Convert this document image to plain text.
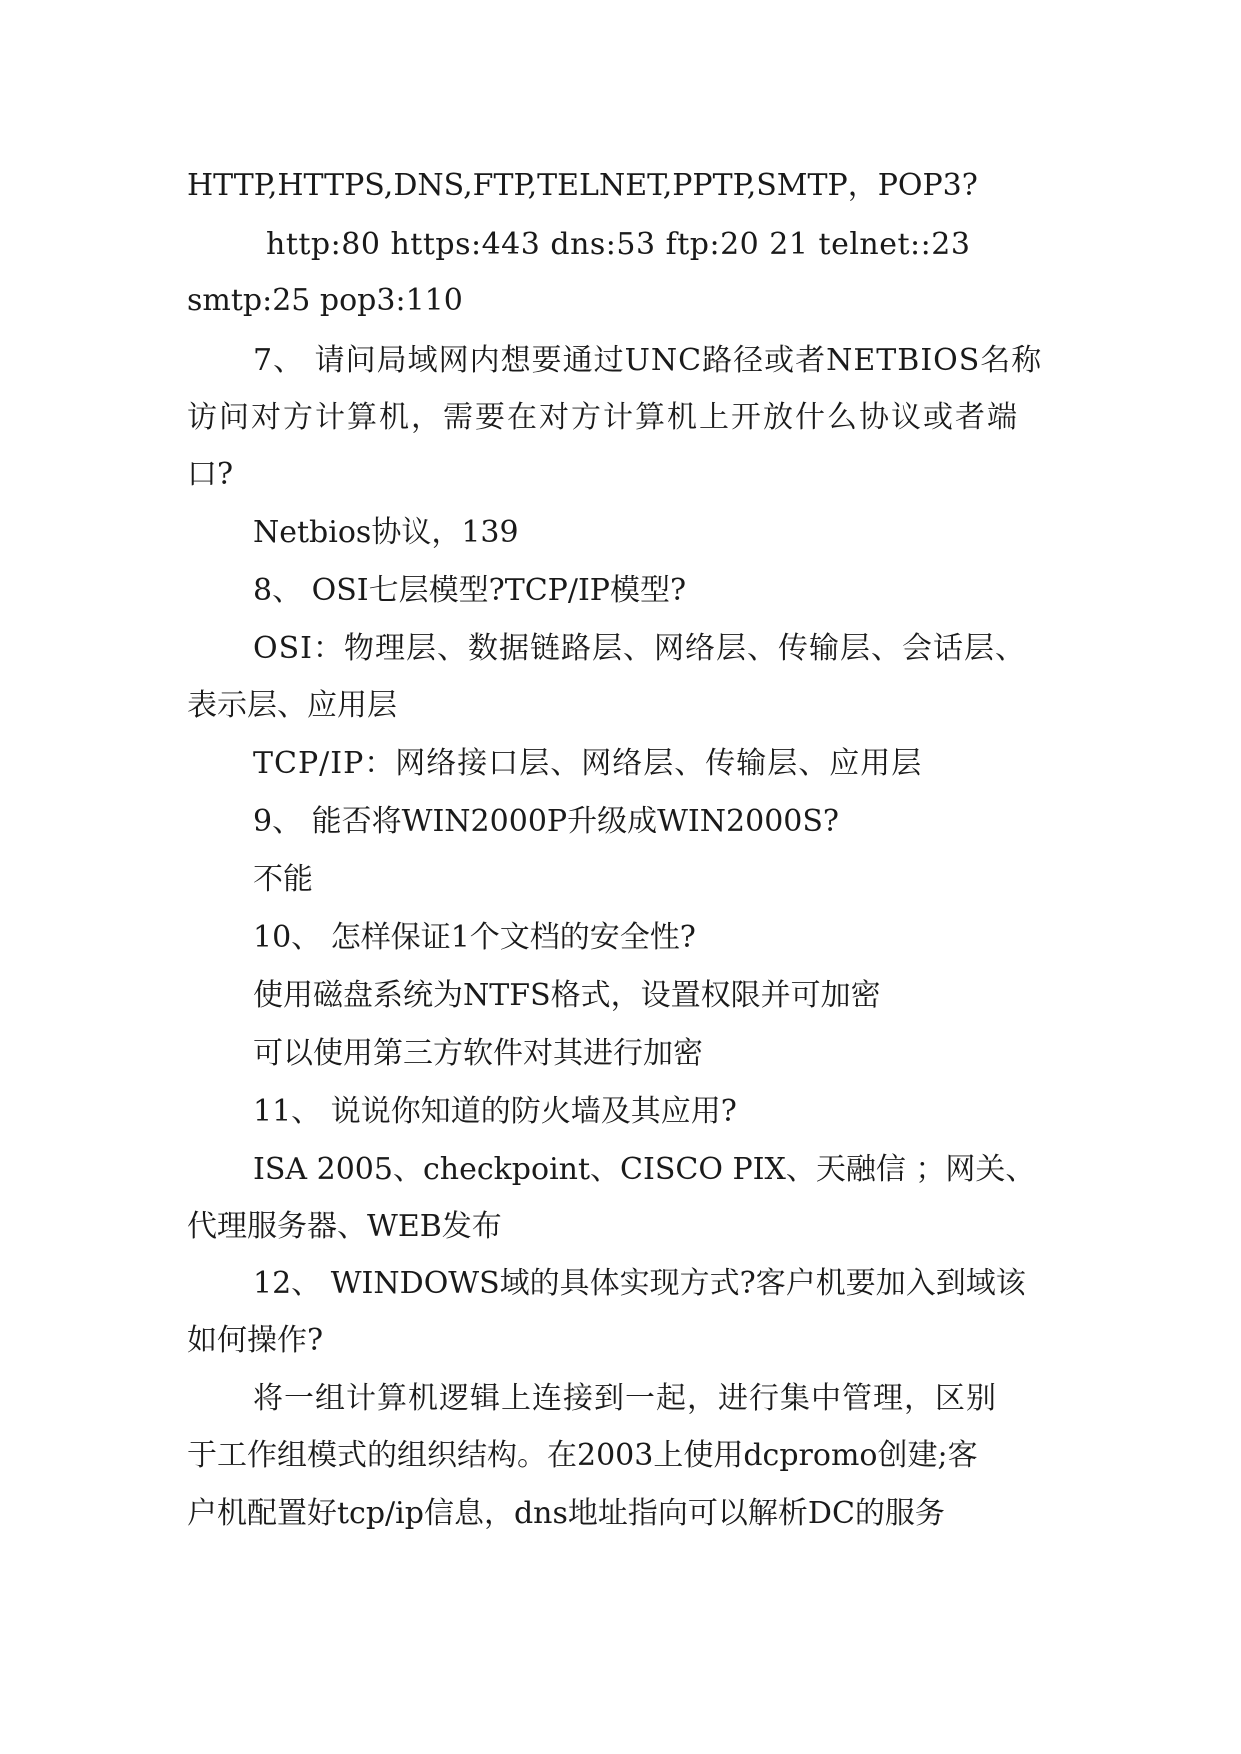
HTTP,HTTPS,DNS,FTP,TELNET,PPTP,SMTP，POP3?
http:80 https:443 dns:53 ftp:20 21 telnet::23
smtp:25 pop3:110
7、 请问局域网内想要通过UNC路径或者NETBIOS名称
访问对方计算机，需要在对方计算机上开放什么协议或者端
口?
Netbios协议，139
8、 OSI七层模型?TCP/IP模型?
OSI：物理层、数据链路层、网络层、传输层、会话层、
表示层、应用层
TCP/IP：网络接口层、网络层、传输层、应用层
9、 能否将WIN2000P升级成WIN2000S?
不能
10、 怎样保证1个文档的安全性?
使用磁盘系统为NTFS格式，设置权限并可加密
可以使用第三方软件对其进行加密
11、 说说你知道的防火墙及其应用?
ISA 2005、checkpoint、CISCO PIX、天融信 ；网关、
代理服务器、WEB发布
12、 WINDOWS域的具体实现方式?客户机要加入到域该
如何操作?
将一组计算机逻辑上连接到一起，进行集中管理，区别
于工作组模式的组织结构。在2003上使用dcpromo创建;客
户机配置好tcp/ip信息，dns地址指向可以解析DC的服务
